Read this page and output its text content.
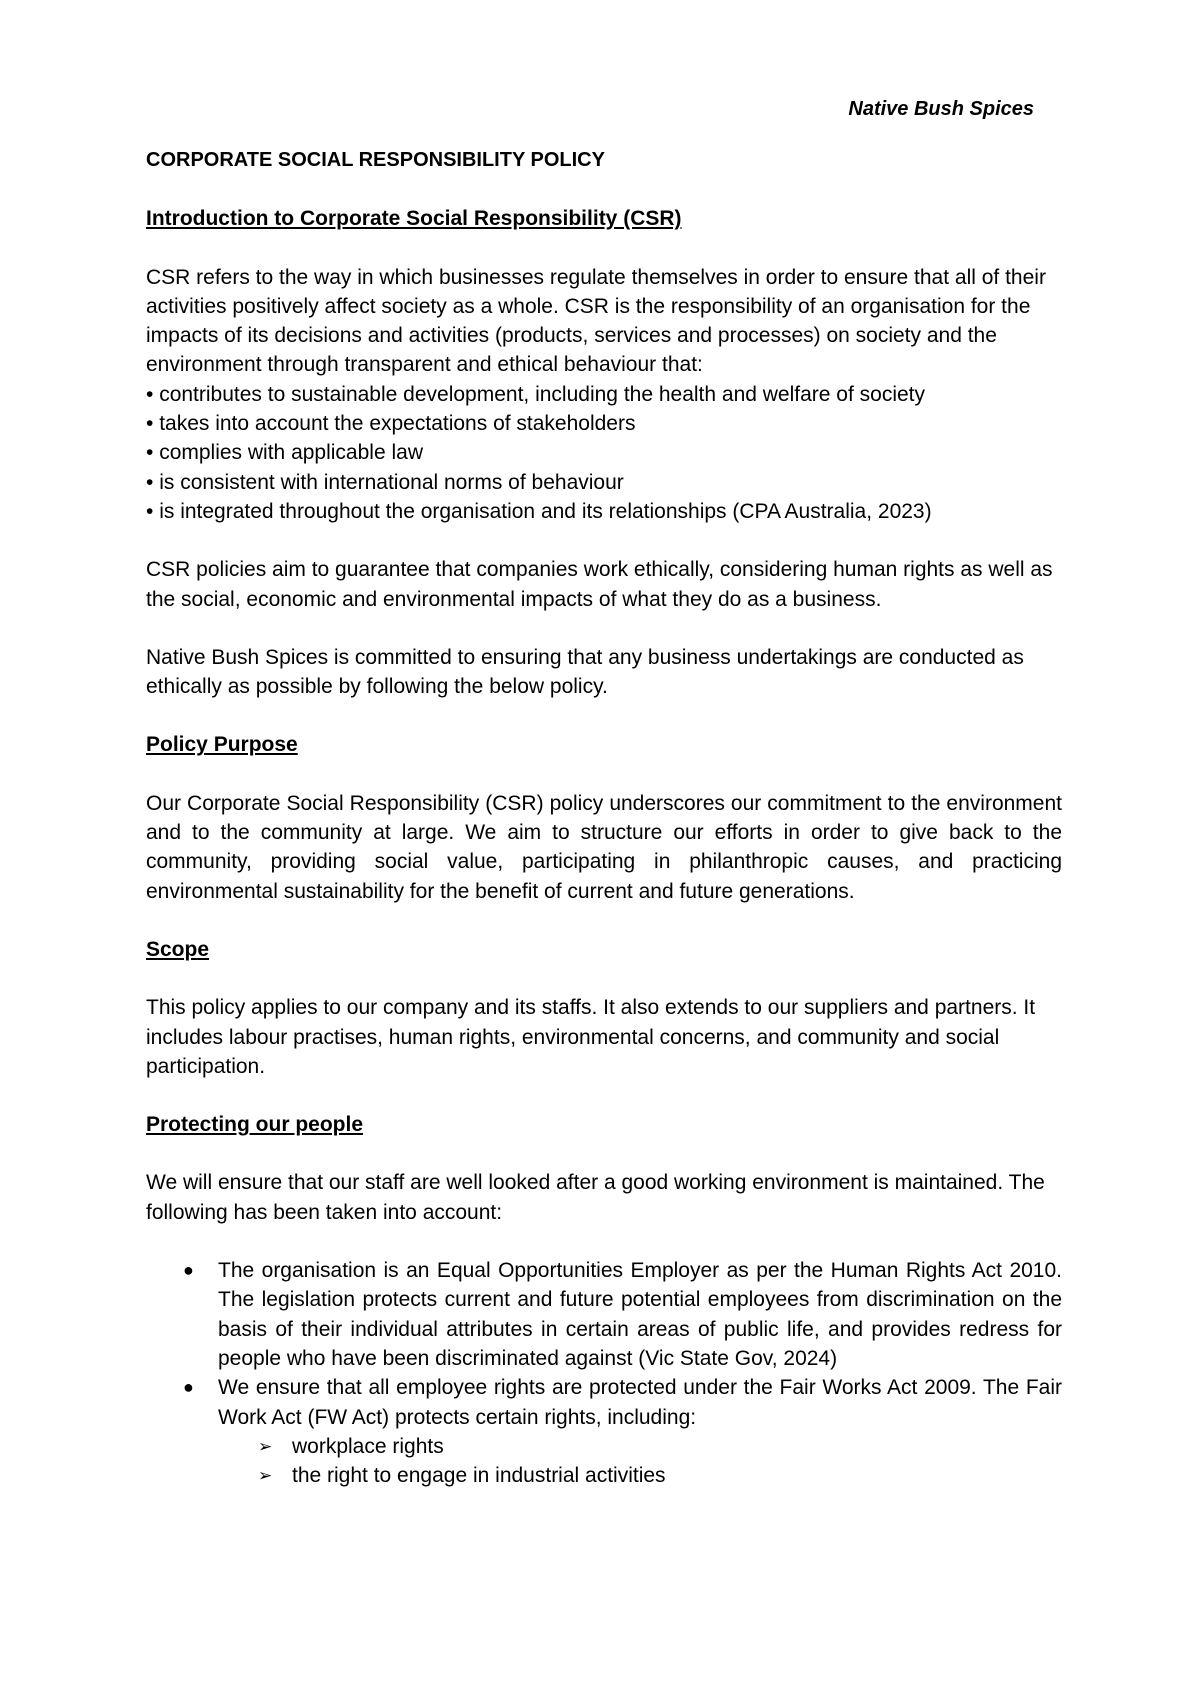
Native Bush Spices

CORPORATE SOCIAL RESPONSIBILITY POLICY

Introduction to Corporate Social Responsibility (CSR)

CSR refers to the way in which businesses regulate themselves in order to ensure that all of their activities positively affect society as a whole. CSR is the responsibility of an organisation for the impacts of its decisions and activities (products, services and processes) on society and the environment through transparent and ethical behaviour that:

• contributes to sustainable development, including the health and welfare of society
• takes into account the expectations of stakeholders
• complies with applicable law
• is consistent with international norms of behaviour
• is integrated throughout the organisation and its relationships (CPA Australia, 2023)

CSR policies aim to guarantee that companies work ethically, considering human rights as well as the social, economic and environmental impacts of what they do as a business.

Native Bush Spices is committed to ensuring that any business undertakings are conducted as ethically as possible by following the below policy.

Policy Purpose

Our Corporate Social Responsibility (CSR) policy underscores our commitment to the environment and to the community at large. We aim to structure our efforts in order to give back to the community, providing social value, participating in philanthropic causes, and practicing environmental sustainability for the benefit of current and future generations.

Scope

This policy applies to our company and its staffs. It also extends to our suppliers and partners. It includes labour practises, human rights, environmental concerns, and community and social participation.

Protecting our people

We will ensure that our staff are well looked after a good working environment is maintained. The following has been taken into account:

● The organisation is an Equal Opportunities Employer as per the Human Rights Act 2010. The legislation protects current and future potential employees from discrimination on the basis of their individual attributes in certain areas of public life, and provides redress for people who have been discriminated against (Vic State Gov, 2024)
● We ensure that all employee rights are protected under the Fair Works Act 2009. The Fair Work Act (FW Act) protects certain rights, including:
➢ workplace rights
➢ the right to engage in industrial activities
